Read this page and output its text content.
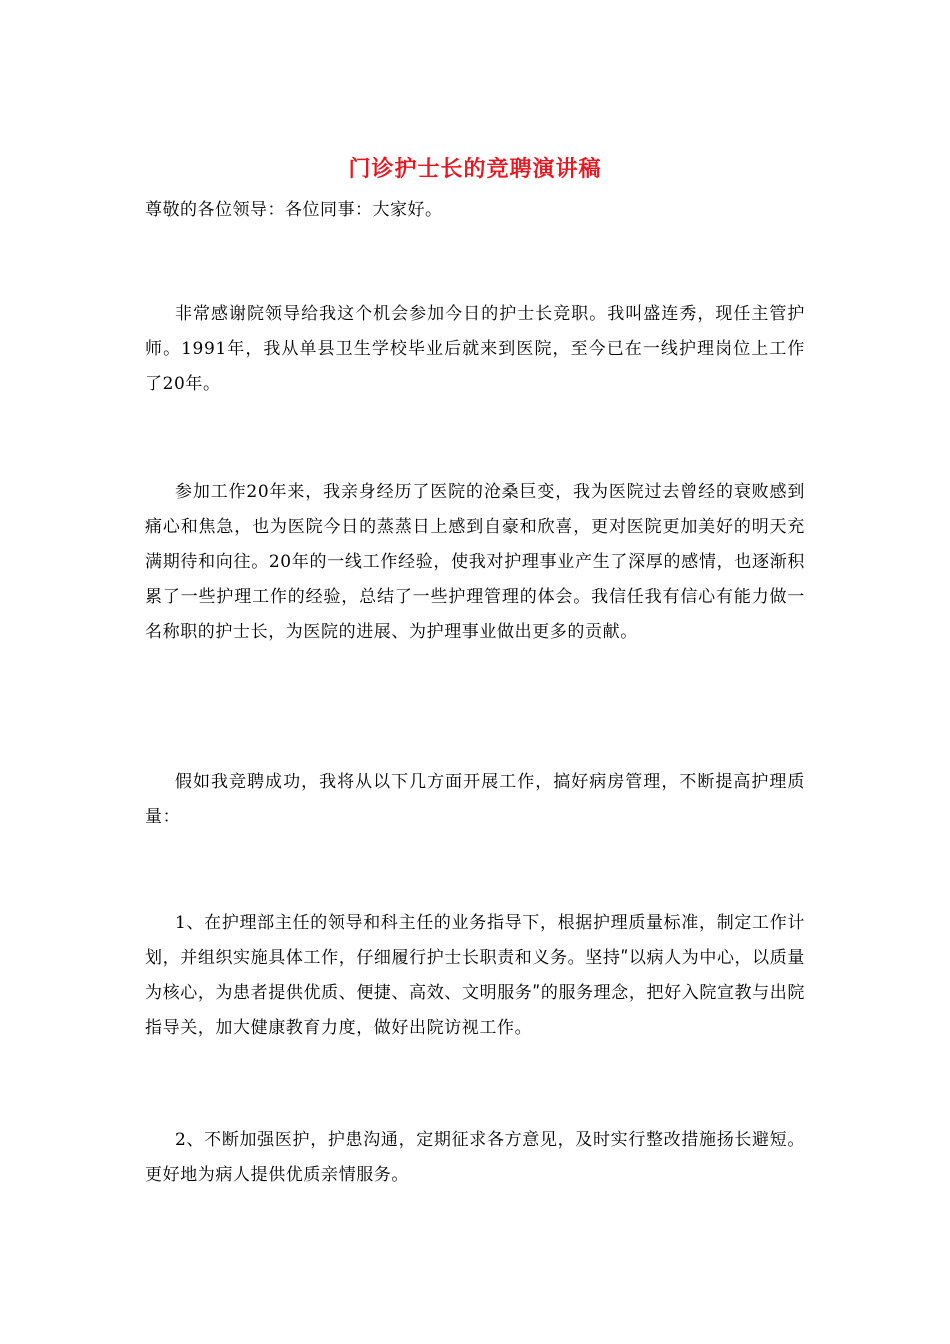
门诊护士长的竞聘演讲稿
尊敬的各位领导：各位同事：大家好。

非常感谢院领导给我这个机会参加今日的护士长竞职。我叫盛连秀，现任主管护师。1991年，我从单县卫生学校毕业后就来到医院，至今已在一线护理岗位上工作了20年。

参加工作20年来，我亲身经历了医院的沧桑巨变，我为医院过去曾经的衰败感到痛心和焦急，也为医院今日的蒸蒸日上感到自豪和欣喜，更对医院更加美好的明天充满期待和向往。20年的一线工作经验，使我对护理事业产生了深厚的感情，也逐渐积累了一些护理工作的经验，总结了一些护理管理的体会。我信任我有信心有能力做一名称职的护士长，为医院的进展、为护理事业做出更多的贡献。

假如我竞聘成功，我将从以下几方面开展工作，搞好病房管理，不断提高护理质量：

1、在护理部主任的领导和科主任的业务指导下，根据护理质量标准，制定工作计划，并组织实施具体工作，仔细履行护士长职责和义务。坚持ʺ以病人为中心，以质量为核心，为患者提供优质、便捷、高效、文明服务ʺ的服务理念，把好入院宣教与出院指导关，加大健康教育力度，做好出院访视工作。

2、不断加强医护，护患沟通，定期征求各方意见，及时实行整改措施扬长避短。更好地为病人提供优质亲情服务。
